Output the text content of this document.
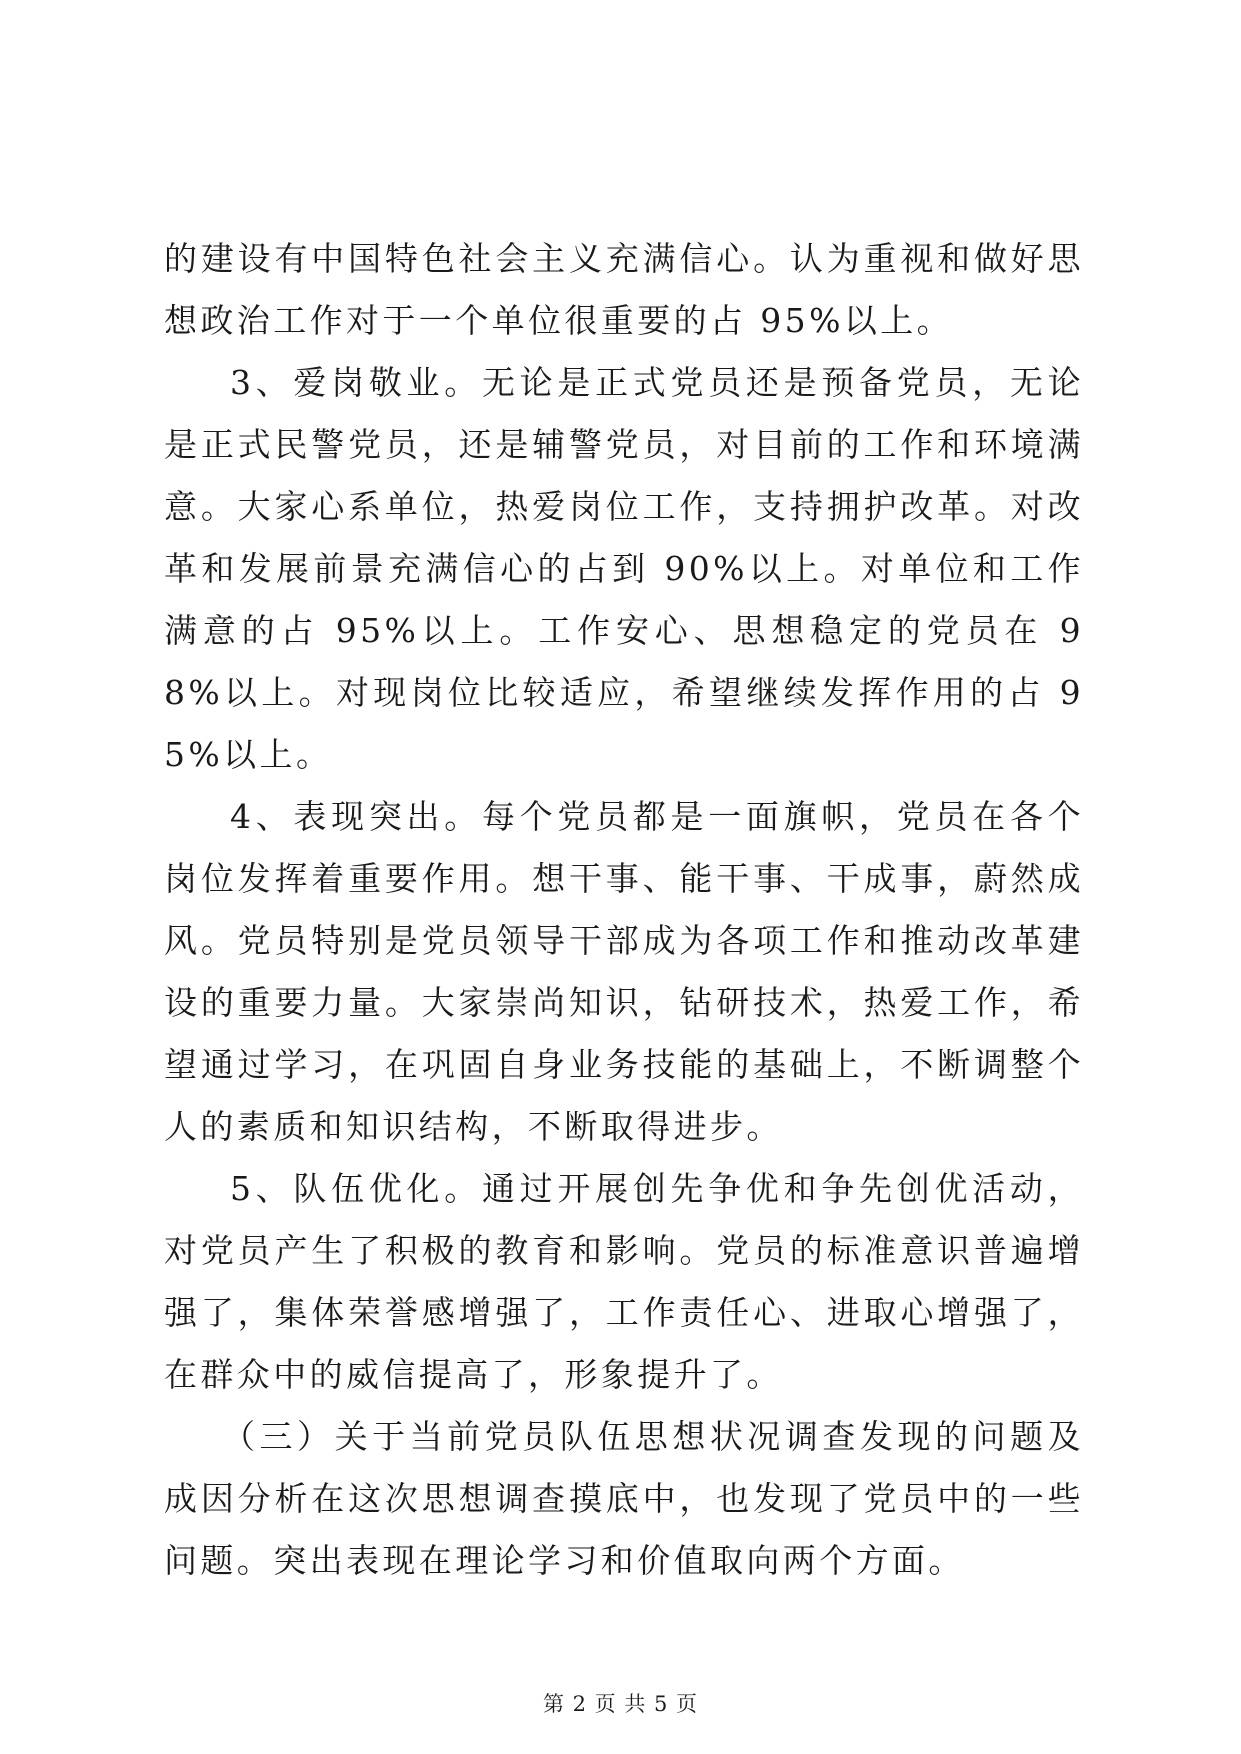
的建设有中国特色社会主义充满信心。认为重视和做好思想政治工作对于一个单位很重要的占 95%以上。

3、爱岗敬业。无论是正式党员还是预备党员，无论是正式民警党员，还是辅警党员，对目前的工作和环境满意。大家心系单位，热爱岗位工作，支持拥护改革。对改革和发展前景充满信心的占到 90%以上。对单位和工作满意的占 95%以上。工作安心、思想稳定的党员在 98%以上。对现岗位比较适应，希望继续发挥作用的占 95%以上。

4、表现突出。每个党员都是一面旗帜，党员在各个岗位发挥着重要作用。想干事、能干事、干成事，蔚然成风。党员特别是党员领导干部成为各项工作和推动改革建设的重要力量。大家崇尚知识，钻研技术，热爱工作，希望通过学习，在巩固自身业务技能的基础上，不断调整个人的素质和知识结构，不断取得进步。

5、队伍优化。通过开展创先争优和争先创优活动，对党员产生了积极的教育和影响。党员的标准意识普遍增强了，集体荣誉感增强了，工作责任心、进取心增强了，在群众中的威信提高了，形象提升了。

（三）关于当前党员队伍思想状况调查发现的问题及成因分析在这次思想调查摸底中，也发现了党员中的一些问题。突出表现在理论学习和价值取向两个方面。

第 2 页 共 5 页
